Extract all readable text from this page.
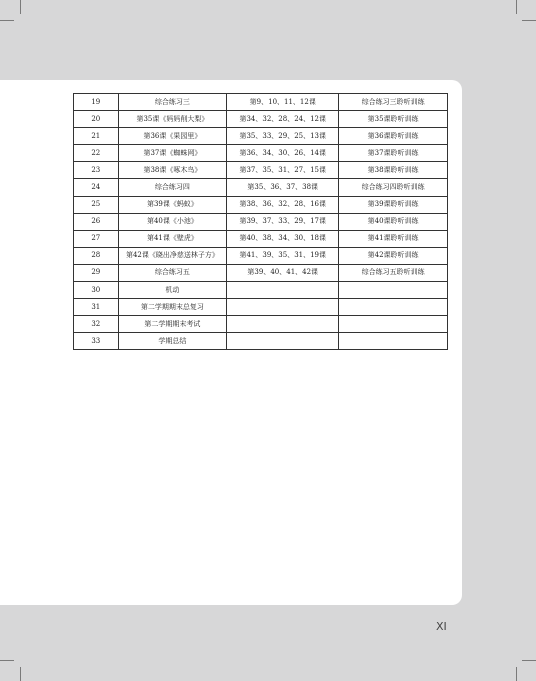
19	综合练习三	第9、10、11、12课	综合练习三聆听训练
20	第35课《妈妈削大梨》	第34、32、28、24、12课	第35课聆听训练
21	第36课《果园里》	第35、33、29、25、13课	第36课聆听训练
22	第37课《蜘蛛网》	第36、34、30、26、14课	第37课聆听训练
23	第38课《啄木鸟》	第37、35、31、27、15课	第38课聆听训练
24	综合练习四	第35、36、37、38课	综合练习四聆听训练
25	第39课《蚂蚁》	第38、36、32、28、16课	第39课聆听训练
26	第40课《小池》	第39、37、33、29、17课	第40课聆听训练
27	第41课《壁虎》	第40、38、34、30、18课	第41课聆听训练
28	第42课《晓出净慈送林子方》	第41、39、35、31、19课	第42课聆听训练
29	综合练习五	第39、40、41、42课	综合练习五聆听训练
30	机动		
31	第二学期期末总复习		
32	第二学期期末考试		
33	学期总结		
XI
